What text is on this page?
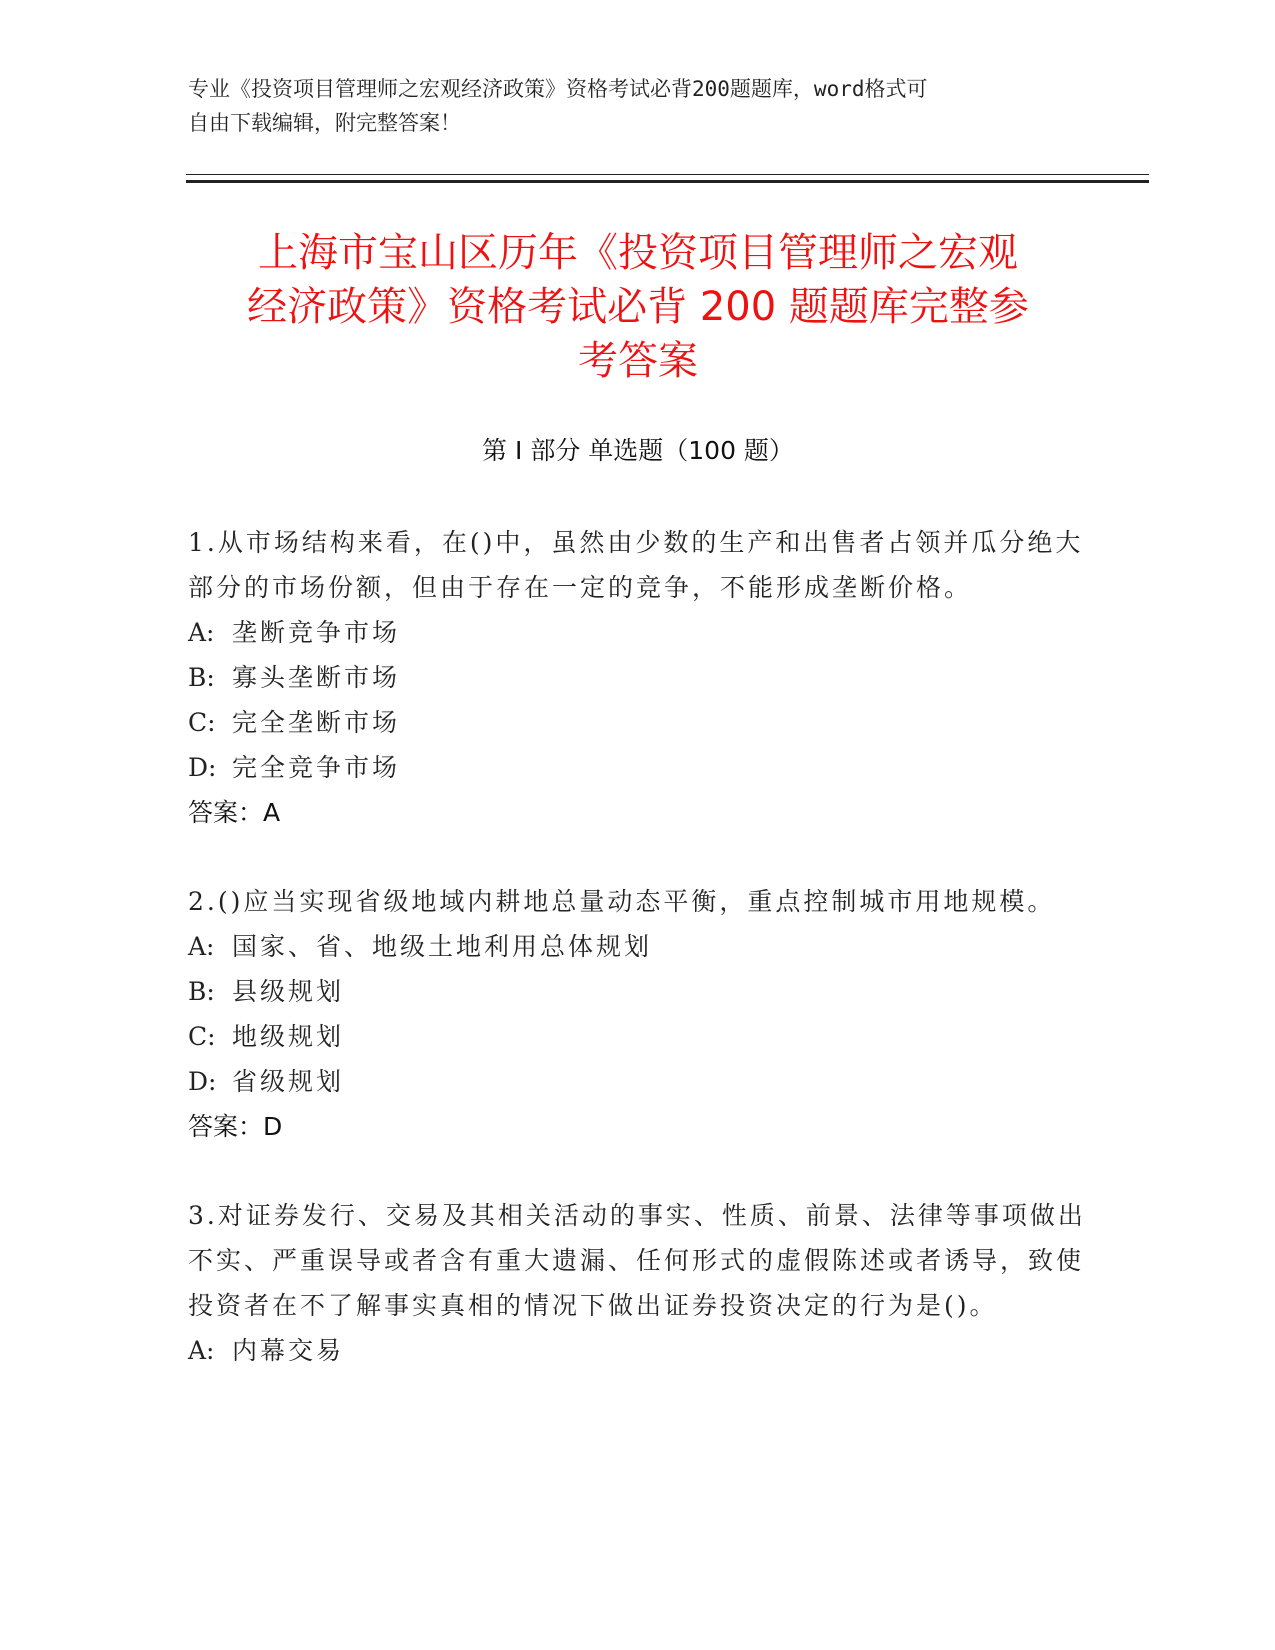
专业《投资项目管理师之宏观经济政策》资格考试必背200题题库，word格式可
自由下载编辑，附完整答案！
上海市宝山区历年《投资项目管理师之宏观
经济政策》资格考试必背 200 题题库完整参
考答案
第 I 部分 单选题（100 题）
1.从市场结构来看，在()中，虽然由少数的生产和出售者占领并瓜分绝大部分的市场份额，但由于存在一定的竞争，不能形成垄断价格。
A: 垄断竞争市场
B: 寡头垄断市场
C: 完全垄断市场
D: 完全竞争市场
答案：A
2.()应当实现省级地域内耕地总量动态平衡，重点控制城市用地规模。
A: 国家、省、地级土地利用总体规划
B: 县级规划
C: 地级规划
D: 省级规划
答案：D
3.对证券发行、交易及其相关活动的事实、性质、前景、法律等事项做出不实、严重误导或者含有重大遗漏、任何形式的虚假陈述或者诱导，致使投资者在不了解事实真相的情况下做出证券投资决定的行为是()。
A: 内幕交易
